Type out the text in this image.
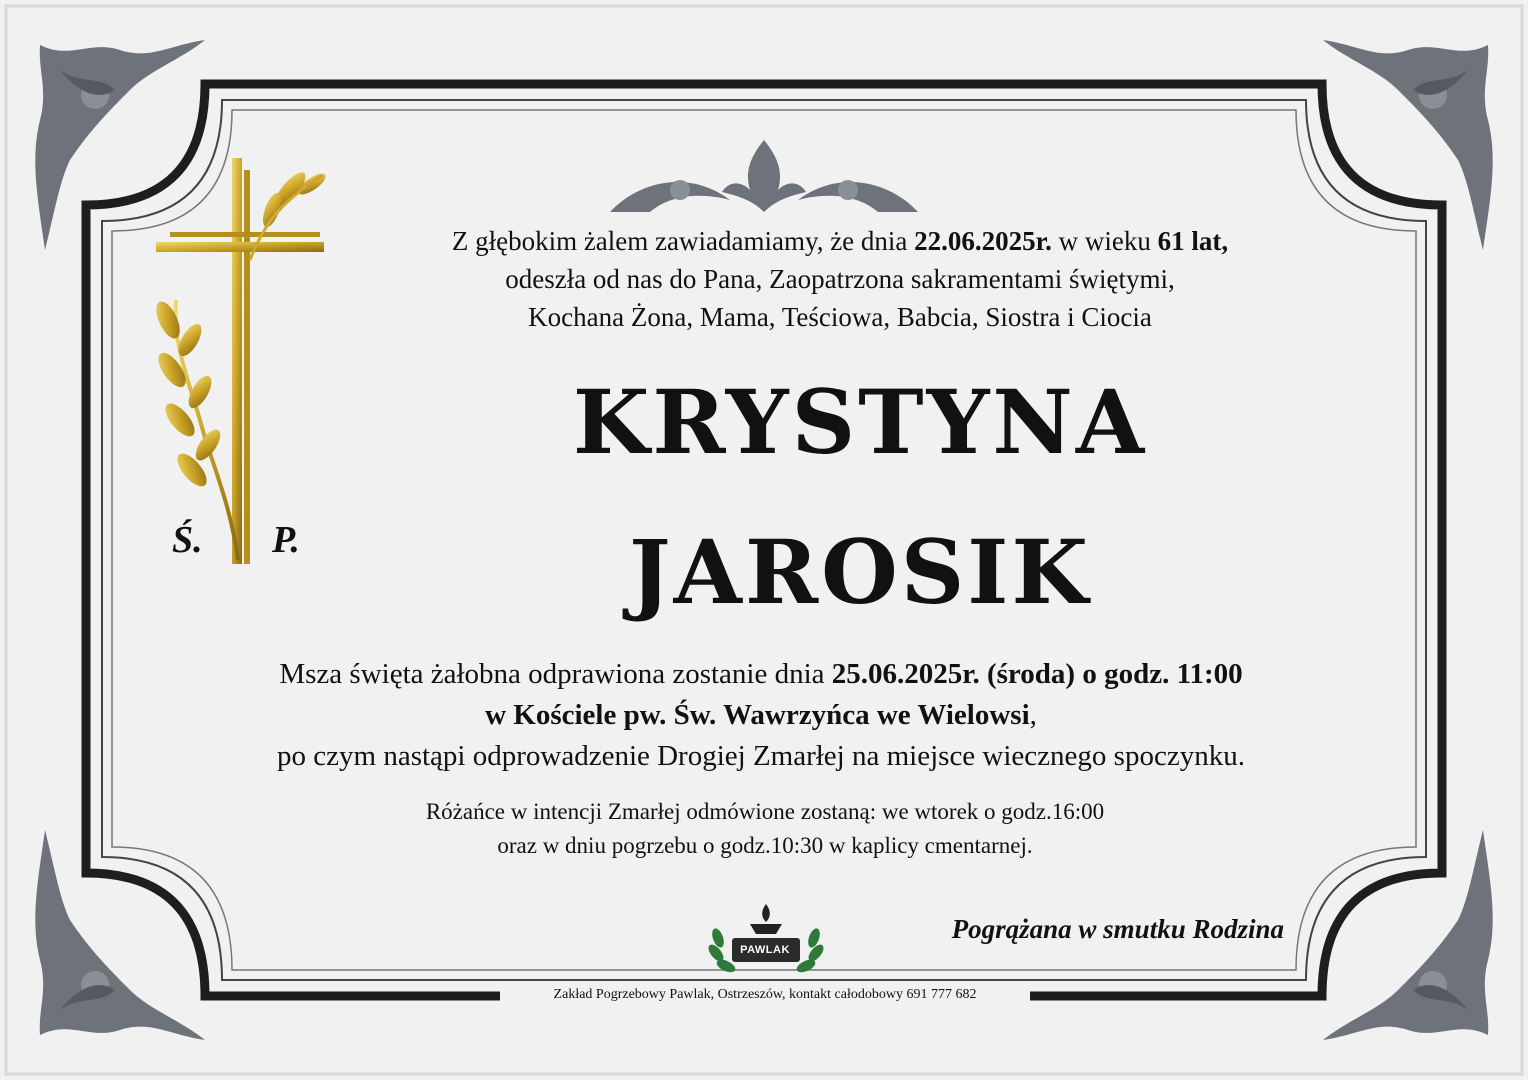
Ś. P.
Z głębokim żalem zawiadamiamy, że dnia 22.06.2025r. w wieku 61 lat,
odeszła od nas do Pana, Zaopatrzona sakramentami świętymi,
Kochana Żona, Mama, Teściowa, Babcia, Siostra i Ciocia
KRYSTYNA
JAROSIK
Msza święta żałobna odprawiona zostanie dnia 25.06.2025r. (środa) o godz. 11:00
w Kościele pw. Św. Wawrzyńca we Wielowsi,
po czym nastąpi odprowadzenie Drogiej Zmarłej na miejsce wiecznego spoczynku.
Różańce w intencji Zmarłej odmówione zostaną: we wtorek o godz.16:00
oraz w dniu pogrzebu o godz.10:30 w kaplicy cmentarnej.
PAWLAK
Pogrążana w smutku Rodzina
Zakład Pogrzebowy Pawlak, Ostrzeszów, kontakt całodobowy 691 777 682
